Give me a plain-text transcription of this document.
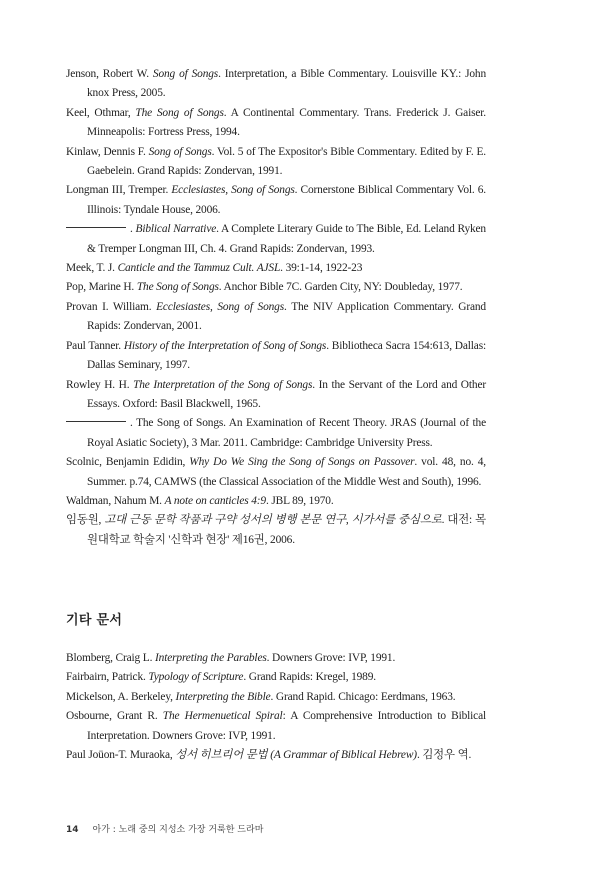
Jenson, Robert W. Song of Songs. Interpretation, a Bible Commentary. Louisville KY.: John knox Press, 2005.

Keel, Othmar, The Song of Songs. A Continental Commentary. Trans. Frederick J. Gaiser. Minneapolis: Fortress Press, 1994.

Kinlaw, Dennis F. Song of Songs. Vol. 5 of The Expositor's Bible Commentary. Edited by F. E. Gaebelein. Grand Rapids: Zondervan, 1991.

Longman III, Tremper. Ecclesiastes, Song of Songs. Cornerstone Biblical Commentary Vol. 6. Illinois: Tyndale House, 2006.

. Biblical Narrative. A Complete Literary Guide to The Bible, Ed. Leland Ryken & Tremper Longman III, Ch. 4. Grand Rapids: Zondervan, 1993.

Meek, T. J. Canticle and the Tammuz Cult. AJSL. 39:1-14, 1922-23

Pop, Marine H. The Song of Songs. Anchor Bible 7C. Garden City, NY: Doubleday, 1977.

Provan I. William. Ecclesiastes, Song of Songs. The NIV Application Commentary. Grand Rapids: Zondervan, 2001.

Paul Tanner. History of the Interpretation of Song of Songs. Bibliotheca Sacra 154:613, Dallas: Dallas Seminary, 1997.

Rowley H. H. The Interpretation of the Song of Songs. In the Servant of the Lord and Other Essays. Oxford: Basil Blackwell, 1965.

. The Song of Songs. An Examination of Recent Theory. JRAS (Journal of the Royal Asiatic Society), 3 Mar. 2011. Cambridge: Cambridge University Press.

Scolnic, Benjamin Edidin, Why Do We Sing the Song of Songs on Passover. vol. 48, no. 4, Summer. p.74, CAMWS (the Classical Association of the Middle West and South), 1996.

Waldman, Nahum M. A note on canticles 4:9. JBL 89, 1970.

임동원, 고대 근동 문학 작품과 구약 성서의 병행 본문 연구, 시가서를 중심으로. 대전: 목원대학교 학술지 '신학과 현장' 제16권, 2006.

기타 문서

Blomberg, Craig L. Interpreting the Parables. Downers Grove: IVP, 1991.

Fairbairn, Patrick. Typology of Scripture. Grand Rapids: Kregel, 1989.

Mickelson, A. Berkeley, Interpreting the Bible. Grand Rapid. Chicago: Eerdmans, 1963.

Osbourne, Grant R. The Hermenuetical Spiral: A Comprehensive Introduction to Biblical Interpretation. Downers Grove: IVP, 1991.

Paul Joüon-T. Muraoka, 성서 히브리어 문법 (A Grammar of Biblical Hebrew). 김정우 역.

14 아가 : 노래 중의 지성소 가장 거룩한 드라마
